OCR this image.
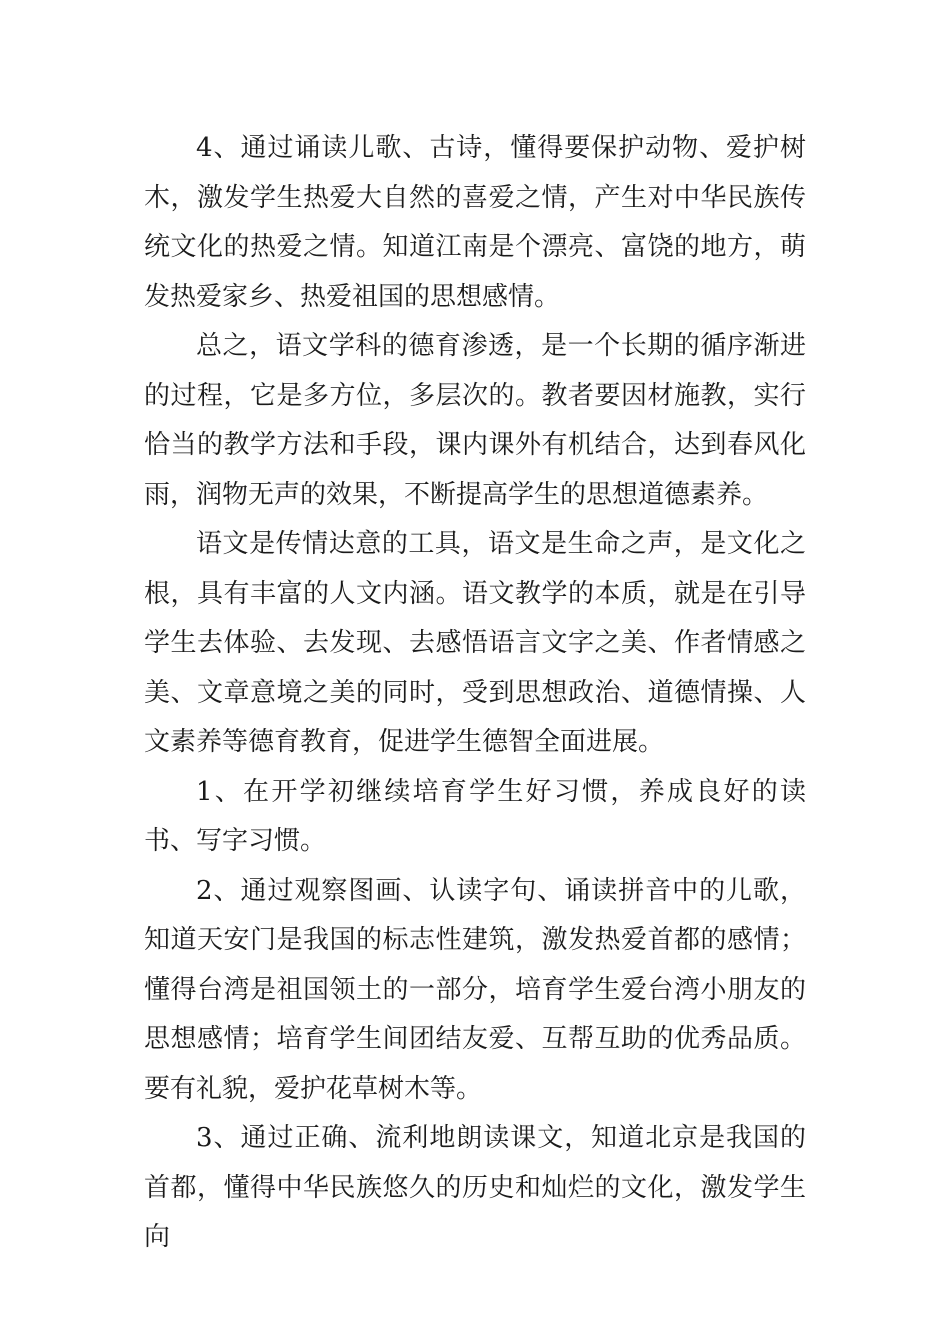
4、通过诵读儿歌、古诗，懂得要保护动物、爱护树木，激发学生热爱大自然的喜爱之情，产生对中华民族传统文化的热爱之情。知道江南是个漂亮、富饶的地方，萌发热爱家乡、热爱祖国的思想感情。

总之，语文学科的德育渗透，是一个长期的循序渐进的过程，它是多方位，多层次的。教者要因材施教，实行恰当的教学方法和手段，课内课外有机结合，达到春风化雨，润物无声的效果，不断提高学生的思想道德素养。

语文是传情达意的工具，语文是生命之声，是文化之根，具有丰富的人文内涵。语文教学的本质，就是在引导学生去体验、去发现、去感悟语言文字之美、作者情感之美、文章意境之美的同时，受到思想政治、道德情操、人文素养等德育教育，促进学生德智全面进展。

1、在开学初继续培育学生好习惯，养成良好的读书、写字习惯。

2、通过观察图画、认读字句、诵读拼音中的儿歌，知道天安门是我国的标志性建筑，激发热爱首都的感情；懂得台湾是祖国领土的一部分，培育学生爱台湾小朋友的思想感情；培育学生间团结友爱、互帮互助的优秀品质。要有礼貌，爱护花草树木等。

3、通过正确、流利地朗读课文，知道北京是我国的首都，懂得中华民族悠久的历史和灿烂的文化，激发学生向
